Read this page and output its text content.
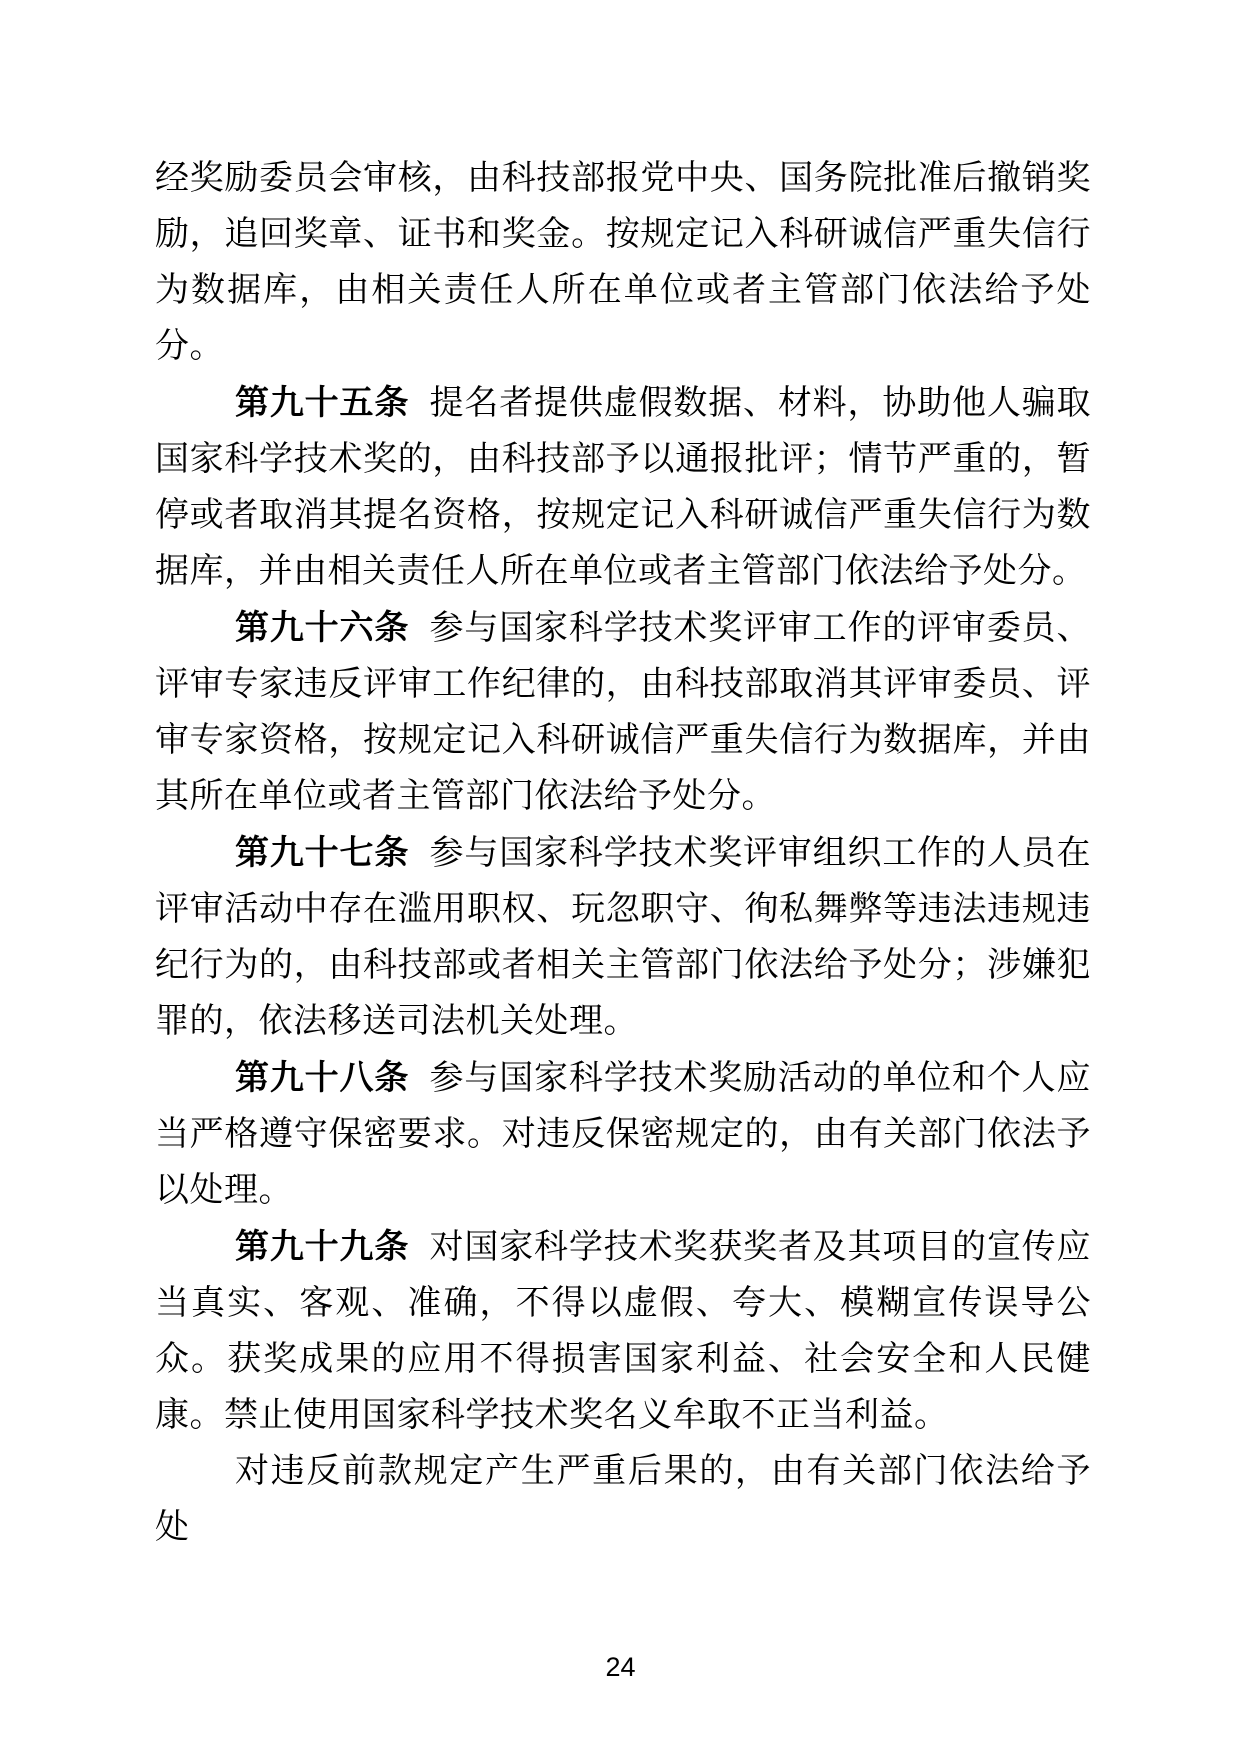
经奖励委员会审核，由科技部报党中央、国务院批准后撤销奖励，追回奖章、证书和奖金。按规定记入科研诚信严重失信行为数据库，由相关责任人所在单位或者主管部门依法给予处分。

第九十五条 提名者提供虚假数据、材料，协助他人骗取国家科学技术奖的，由科技部予以通报批评；情节严重的，暂停或者取消其提名资格，按规定记入科研诚信严重失信行为数据库，并由相关责任人所在单位或者主管部门依法给予处分。

第九十六条 参与国家科学技术奖评审工作的评审委员、评审专家违反评审工作纪律的，由科技部取消其评审委员、评审专家资格，按规定记入科研诚信严重失信行为数据库，并由其所在单位或者主管部门依法给予处分。

第九十七条 参与国家科学技术奖评审组织工作的人员在评审活动中存在滥用职权、玩忽职守、徇私舞弊等违法违规违纪行为的，由科技部或者相关主管部门依法给予处分；涉嫌犯罪的，依法移送司法机关处理。

第九十八条 参与国家科学技术奖励活动的单位和个人应当严格遵守保密要求。对违反保密规定的，由有关部门依法予以处理。

第九十九条 对国家科学技术奖获奖者及其项目的宣传应当真实、客观、准确，不得以虚假、夸大、模糊宣传误导公众。获奖成果的应用不得损害国家利益、社会安全和人民健康。禁止使用国家科学技术奖名义牟取不正当利益。

对违反前款规定产生严重后果的，由有关部门依法给予处

24
